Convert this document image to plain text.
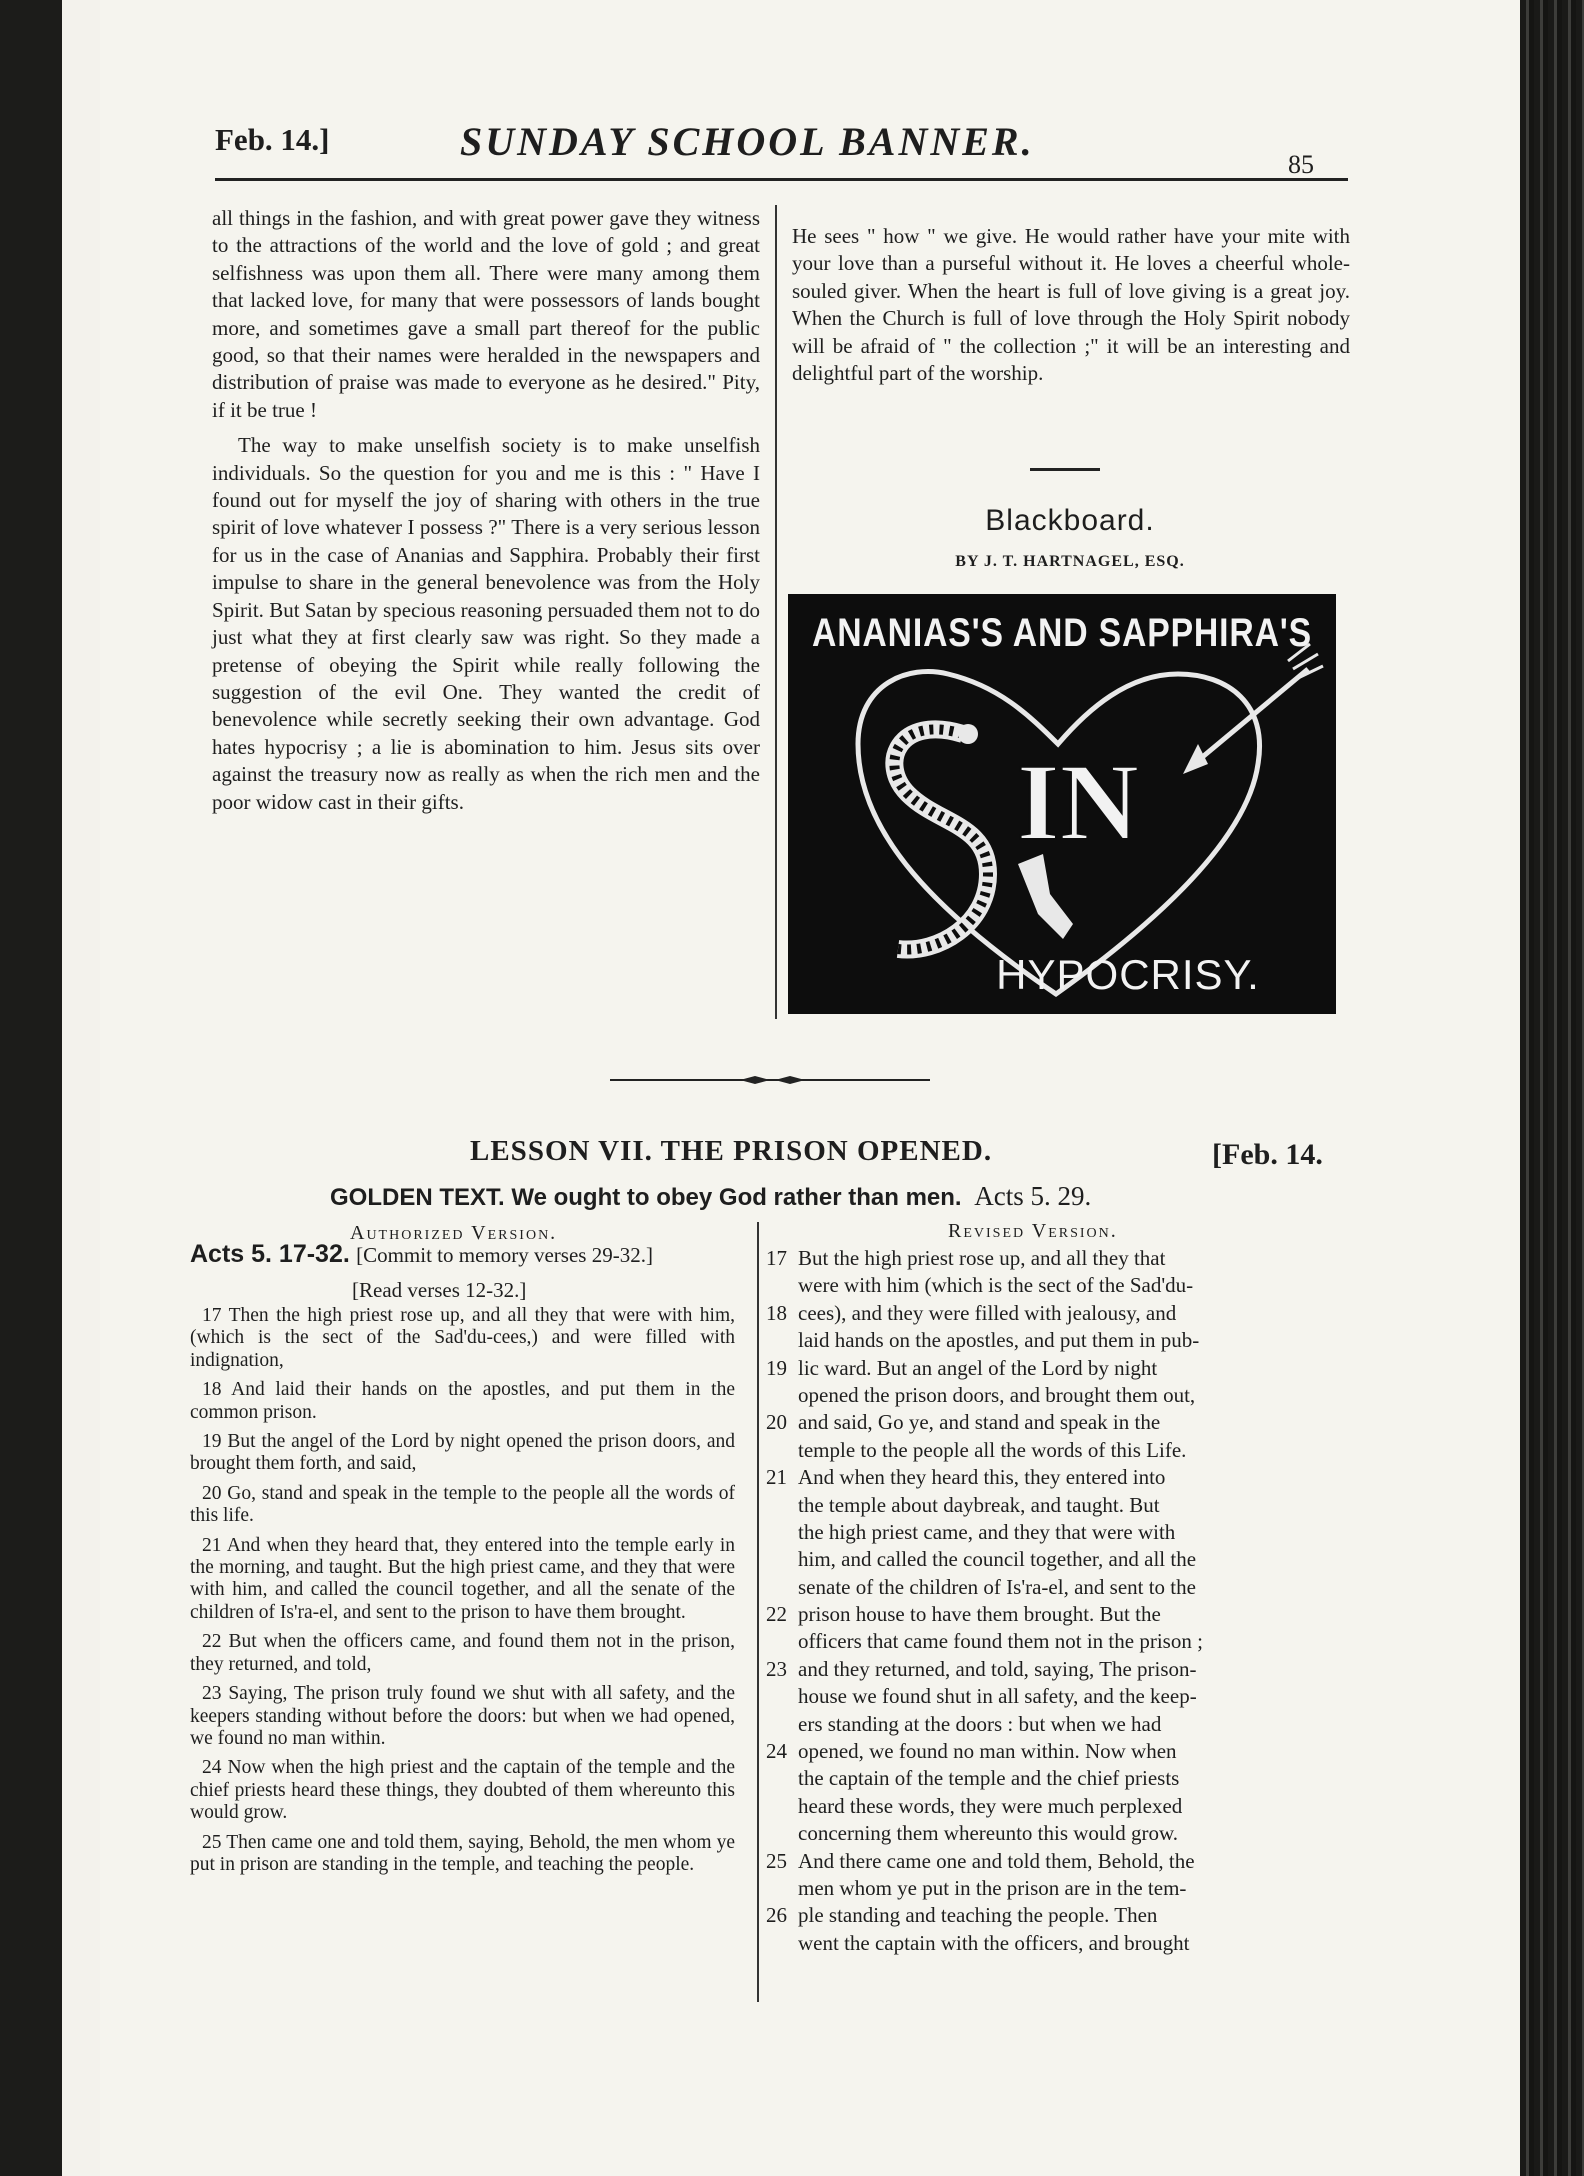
Feb. 14.]	SUNDAY SCHOOL BANNER.
85

all things in the fashion, and with great power gave they witness to the attractions of the world and the love of gold ; and great selfishness was upon them all. There were many among them that lacked love, for many that were possessors of lands bought more, and sometimes gave a small part thereof for the public good, so that their names were heralded in the newspapers and distribution of praise was made to everyone as he desired." Pity, if it be true !

The way to make unselfish society is to make unselfish individuals. So the question for you and me is this : " Have I found out for myself the joy of sharing with others in the true spirit of love whatever I possess ?" There is a very serious lesson for us in the case of Ananias and Sapphira. Probably their first impulse to share in the general benevolence was from the Holy Spirit. But Satan by specious reasoning persuaded them not to do just what they at first clearly saw was right. So they made a pretense of obeying the Spirit while really following the suggestion of the evil One. They wanted the credit of benevolence while secretly seeking their own advantage. God hates hypocrisy ; a lie is abomination to him. Jesus sits over against the treasury now as really as when the rich men and the poor widow cast in their gifts.

He sees " how " we give. He would rather have your mite with your love than a purseful without it. He loves a cheerful whole-souled giver. When the heart is full of love giving is a great joy. When the Church is full of love through the Holy Spirit nobody will be afraid of " the collection ;" it will be an interesting and delightful part of the worship.

Blackboard.
BY J. T. HARTNAGEL, ESQ.
ANANIAS'S AND SAPPHIRA'S
IN
HYPOCRISY.
LESSON VII. THE PRISON OPENED.	[Feb. 14.
GOLDEN TEXT. We ought to obey God rather than men. Acts 5. 29.
Authorized Version.	Revised Version.
Acts 5. 17-32. [Commit to memory verses 29-32.]
[Read verses 12-32.]

17 Then the high priest rose up, and all they that were with him, (which is the sect of the Sad'du-cees,) and were filled with indignation,

18 And laid their hands on the apostles, and put them in the common prison.

19 But the angel of the Lord by night opened the prison doors, and brought them forth, and said,

20 Go, stand and speak in the temple to the people all the words of this life.

21 And when they heard that, they entered into the temple early in the morning, and taught. But the high priest came, and they that were with him, and called the council together, and all the senate of the children of Is'ra-el, and sent to the prison to have them brought.

22 But when the officers came, and found them not in the prison, they returned, and told,

23 Saying, The prison truly found we shut with all safety, and the keepers standing without before the doors: but when we had opened, we found no man within.

24 Now when the high priest and the captain of the temple and the chief priests heard these things, they doubted of them whereunto this would grow.

25 Then came one and told them, saying, Behold, the men whom ye put in prison are standing in the temple, and teaching the people.

17 But the high priest rose up, and all they that
were with him (which is the sect of the Sad'du-
18 cees), and they were filled with jealousy, and
laid hands on the apostles, and put them in pub-
19 lic ward. But an angel of the Lord by night
opened the prison doors, and brought them out,
20 and said, Go ye, and stand and speak in the
temple to the people all the words of this Life.
21 And when they heard this, they entered into
the temple about daybreak, and taught. But
the high priest came, and they that were with
him, and called the council together, and all the
senate of the children of Is'ra-el, and sent to the
22 prison house to have them brought. But the
officers that came found them not in the prison ;
23 and they returned, and told, saying, The prison-
house we found shut in all safety, and the keep-
ers standing at the doors : but when we had
24 opened, we found no man within. Now when
the captain of the temple and the chief priests
heard these words, they were much perplexed
concerning them whereunto this would grow.
25 And there came one and told them, Behold, the
men whom ye put in the prison are in the tem-
26 ple standing and teaching the people. Then
went the captain with the officers, and brought
